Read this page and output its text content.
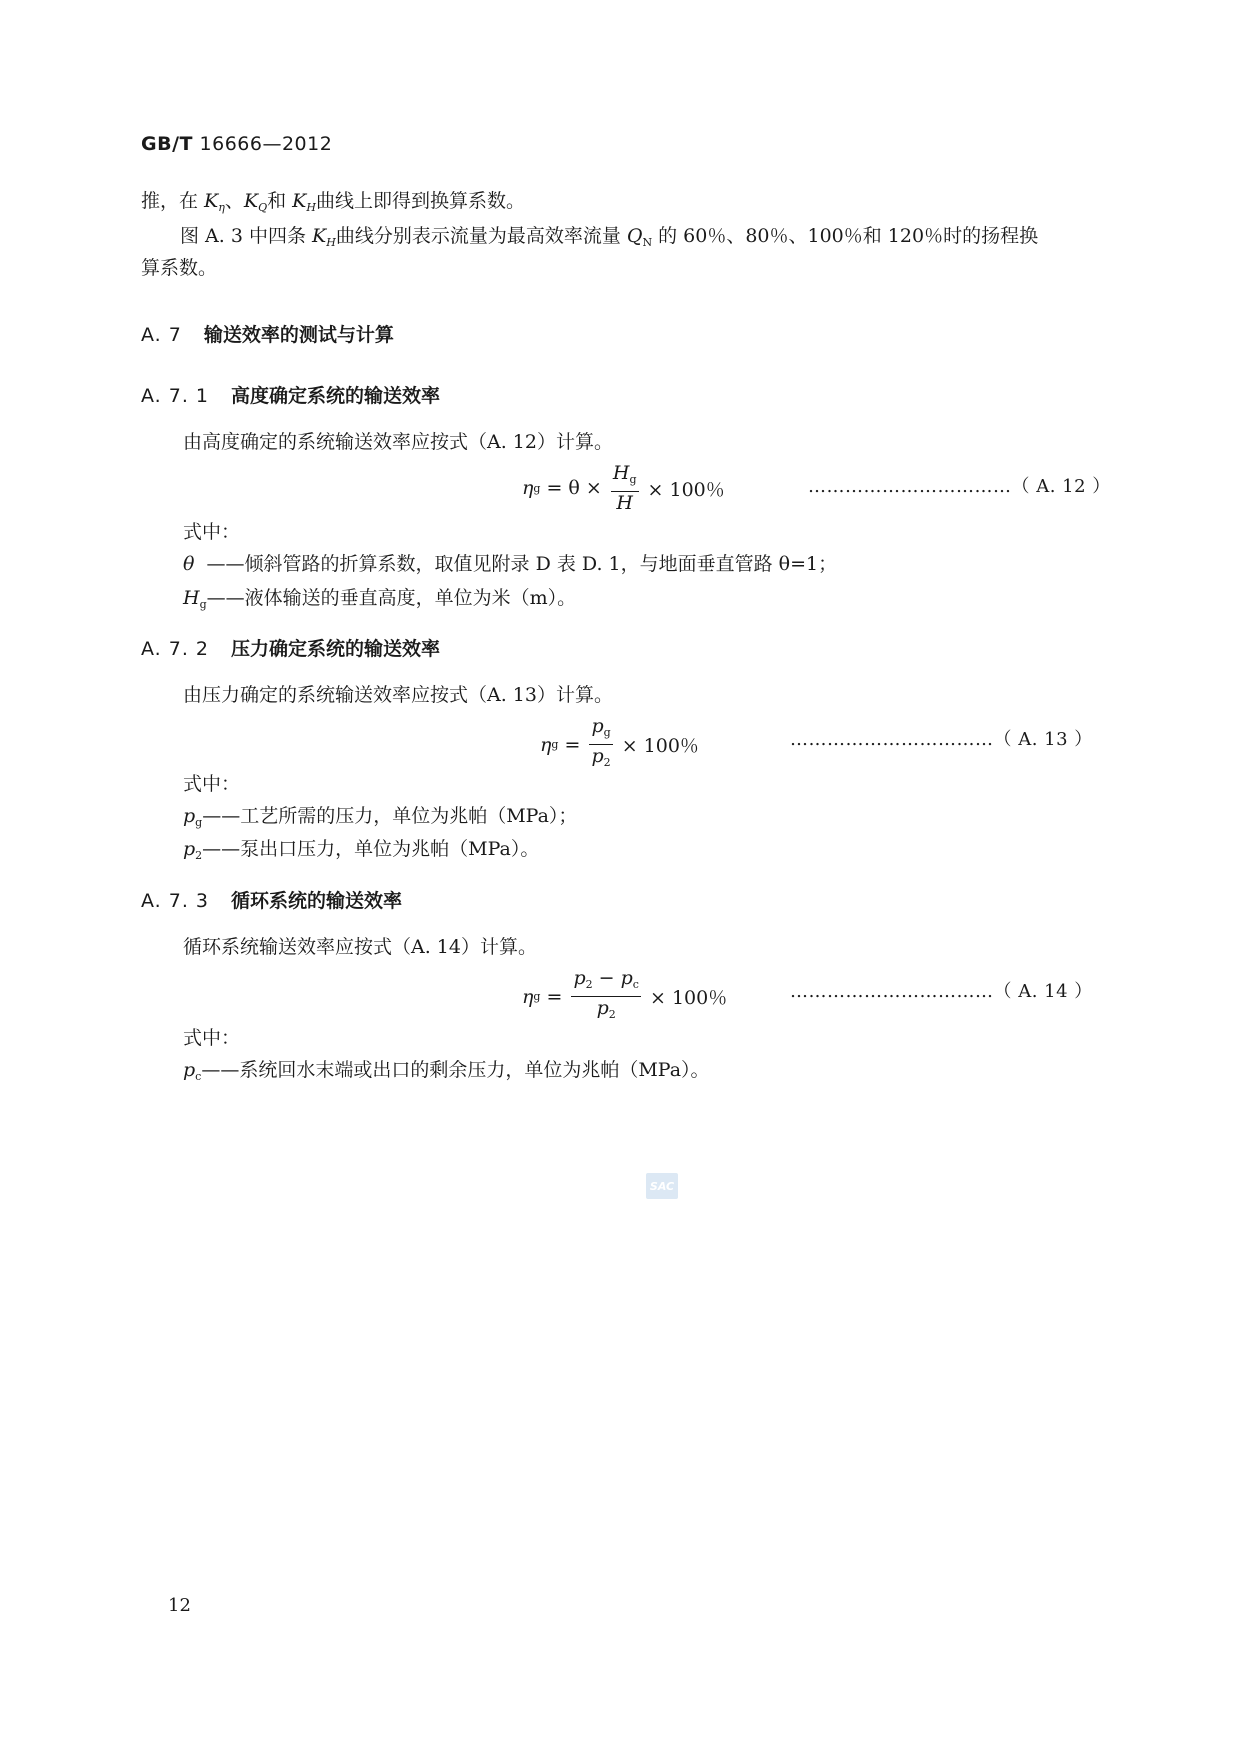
GB/T 16666—2012
推，在 $K_\eta$、$K_Q$和 $K_H$曲线上即得到换算系数。
图 A. 3 中四条 $K_H$曲线分别表示流量为最高效率流量 $Q_N$ 的 60％、80％、100％和 120％时的扬程换
算系数。
A. 7 输送效率的测试与计算
A. 7. 1 高度确定系统的输送效率
由高度确定的系统输送效率应按式（A. 12）计算。
η $g = \theta \times \frac{H_g}{H} \times 100$％	……………………………（ A. 12 ）
式中：
θ  ——倾斜管路的折算系数，取值见附录 D 表 D. 1，与地面垂直管路 θ=1；
$H_g——$液体输送的垂直高度，单位为米（m）。
A. 7. 2 压力确定系统的输送效率
由压力确定的系统输送效率应按式（A. 13）计算。
η $g = \frac{p_g}{p_2} \times 100$％	……………………………（ A. 13 ）
式中：
$p_g——$工艺所需的压力，单位为兆帕（MPa）；
$p_2——$泵出口压力，单位为兆帕（MPa）。
A. 7. 3 循环系统的输送效率
循环系统输送效率应按式（A. 14）计算。
η $g = \frac{p_2 - p_c}{p_2} \times 100$％	……………………………（ A. 14 ）
式中：
$p_c——$系统回水末端或出口的剩余压力，单位为兆帕（MPa）。
SAC
12
